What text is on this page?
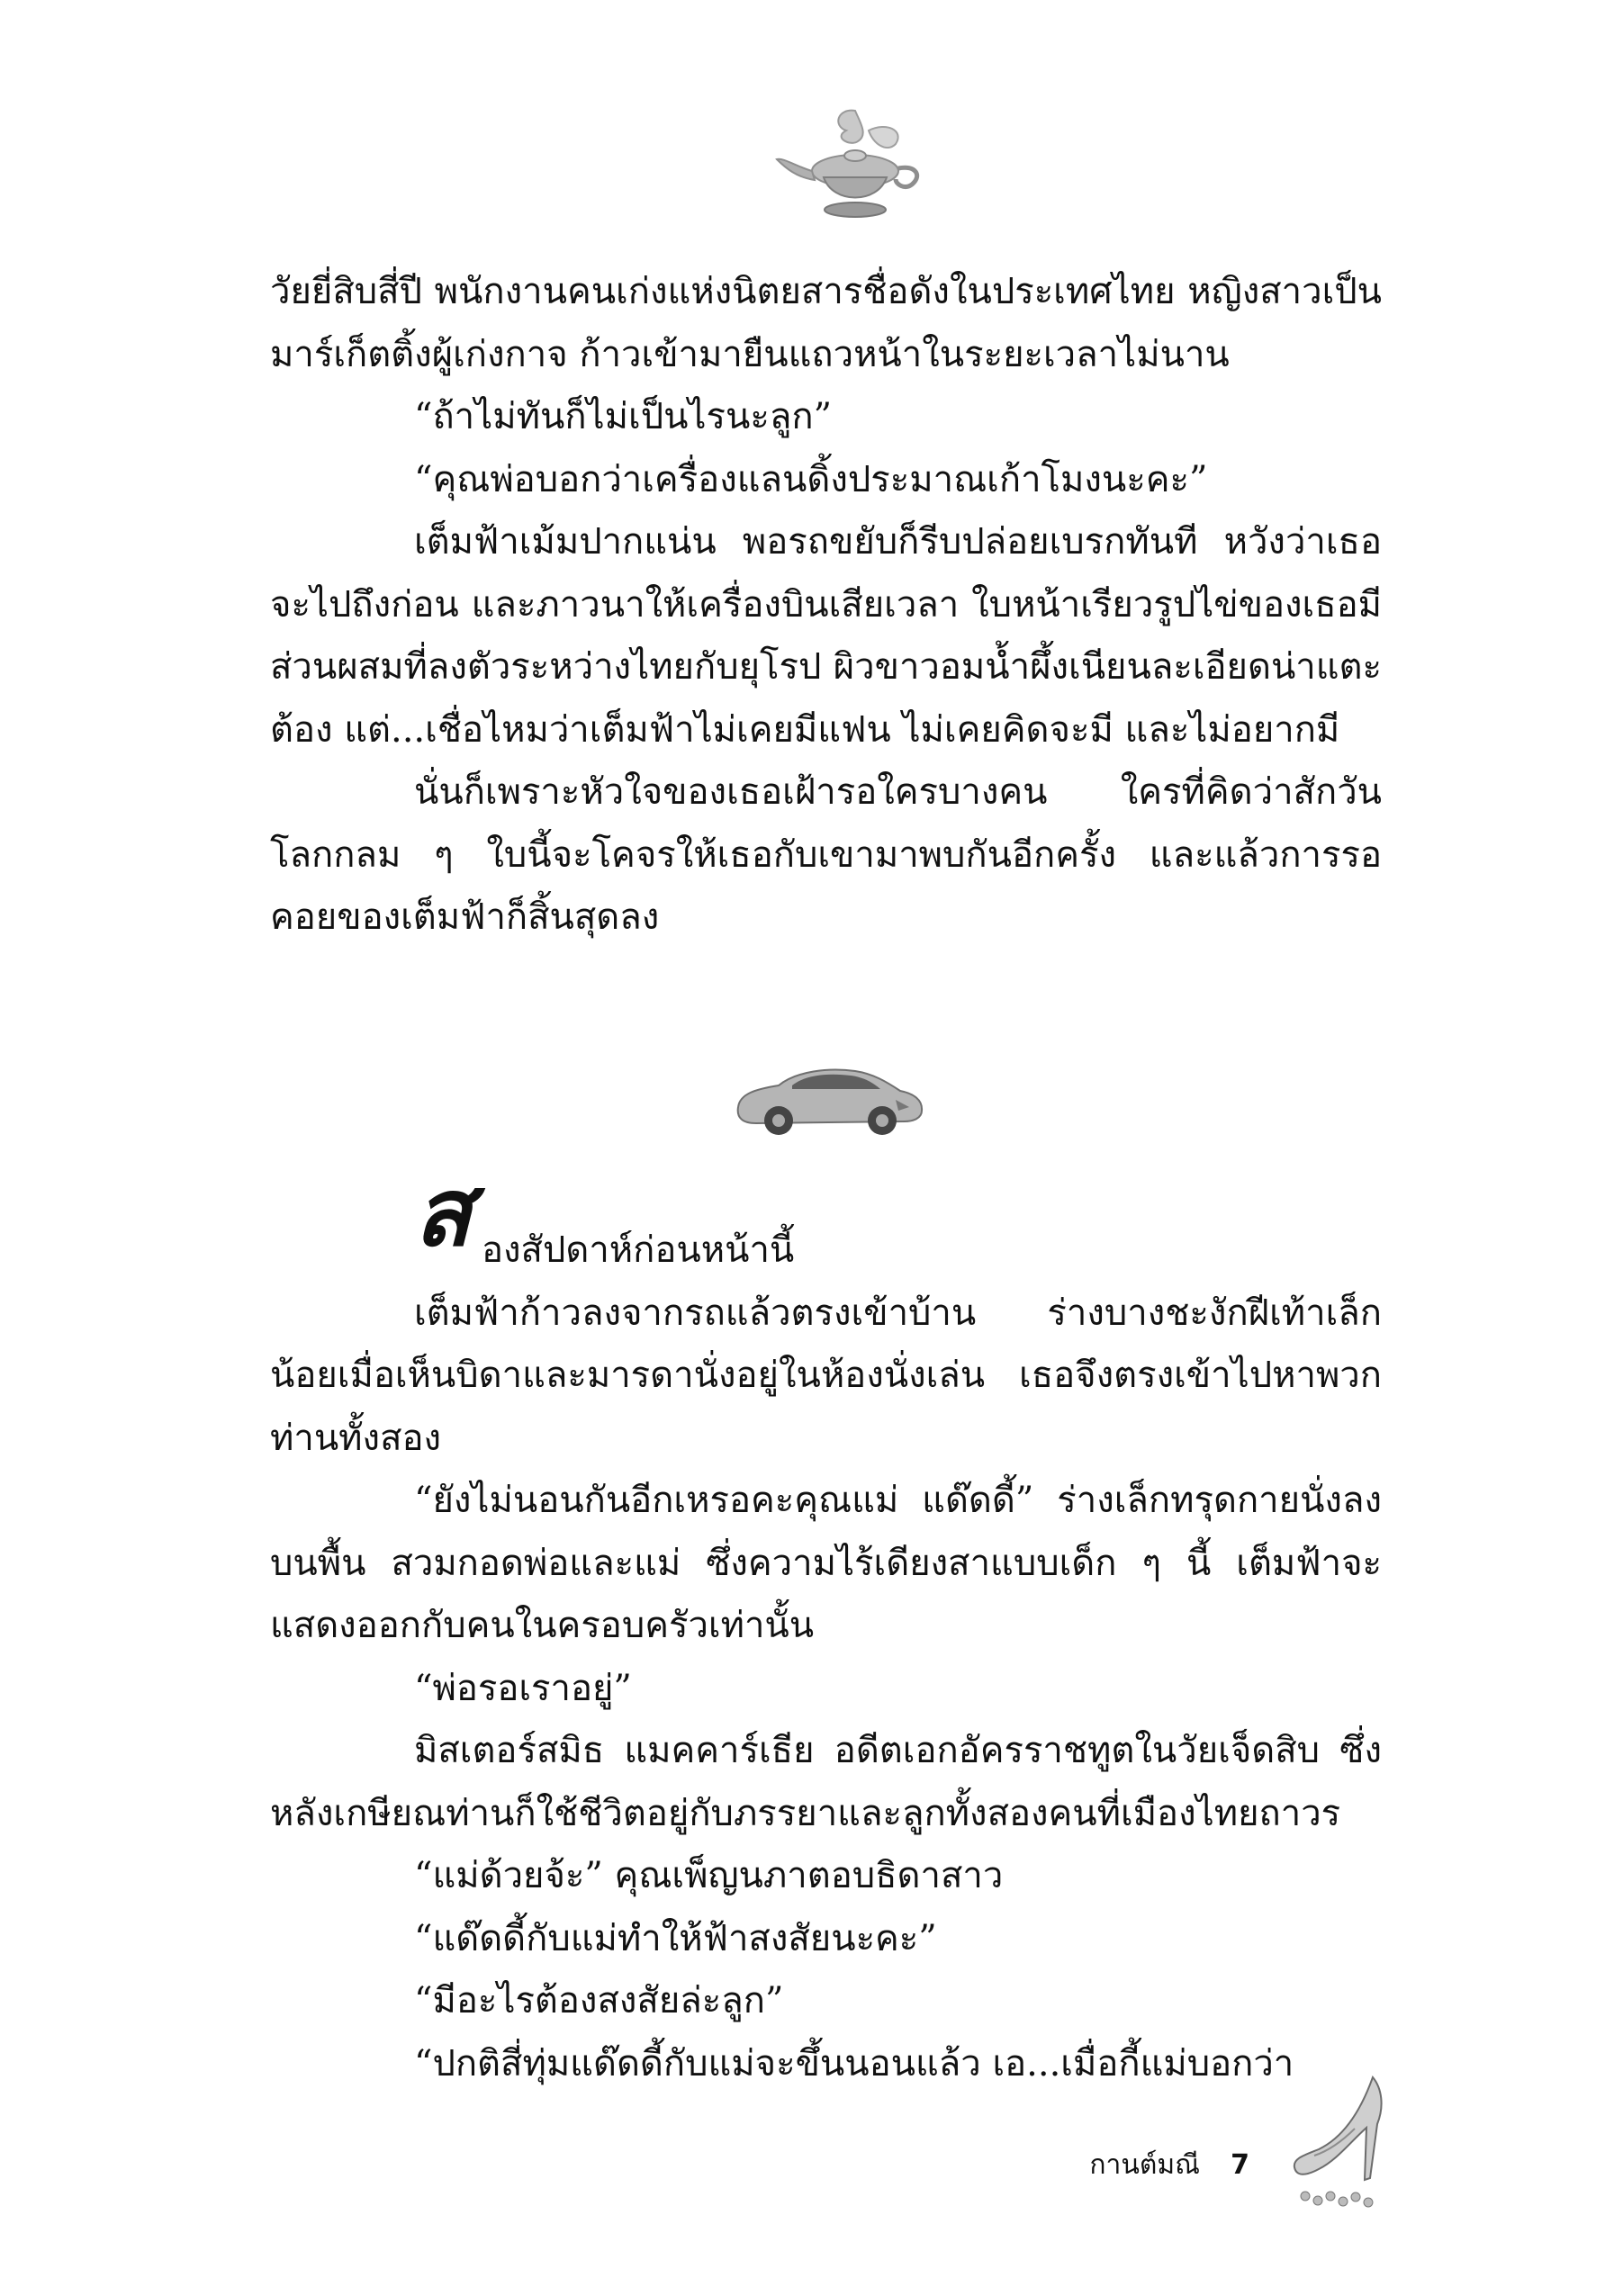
วัยยี่สิบสี่ปี พนักงานคนเก่งแห่งนิตยสารชื่อดังในประเทศไทย หญิงสาวเป็นมาร์เก็ตติ้งผู้เก่งกาจ ก้าวเข้ามายืนแถวหน้าในระยะเวลาไม่นาน
“ถ้าไม่ทันก็ไม่เป็นไรนะลูก”
“คุณพ่อบอกว่าเครื่องแลนดิ้งประมาณเก้าโมงนะคะ”
เต็มฟ้าเม้มปากแน่น พอรถขยับก็รีบปล่อยเบรกทันที หวังว่าเธอจะไปถึงก่อน และภาวนาให้เครื่องบินเสียเวลา ใบหน้าเรียวรูปไข่ของเธอมีส่วนผสมที่ลงตัวระหว่างไทยกับยุโรป ผิวขาวอมน้ำผึ้งเนียนละเอียดน่าแตะต้อง แต่...เชื่อไหมว่าเต็มฟ้าไม่เคยมีแฟน ไม่เคยคิดจะมี และไม่อยากมี
นั่นก็เพราะหัวใจของเธอเฝ้ารอใครบางคน ใครที่คิดว่าสักวันโลกกลม ๆ ใบนี้จะโคจรให้เธอกับเขามาพบกันอีกครั้ง และแล้วการรอคอยของเต็มฟ้าก็สิ้นสุดลง
ส องสัปดาห์ก่อนหน้านี้
เต็มฟ้าก้าวลงจากรถแล้วตรงเข้าบ้าน ร่างบางชะงักฝีเท้าเล็กน้อยเมื่อเห็นบิดาและมารดานั่งอยู่ในห้องนั่งเล่น เธอจึงตรงเข้าไปหาพวกท่านทั้งสอง
“ยังไม่นอนกันอีกเหรอคะคุณแม่ แด๊ดดี้” ร่างเล็กทรุดกายนั่งลงบนพื้น สวมกอดพ่อและแม่ ซึ่งความไร้เดียงสาแบบเด็ก ๆ นี้ เต็มฟ้าจะแสดงออกกับคนในครอบครัวเท่านั้น
“พ่อรอเราอยู่”
มิสเตอร์สมิธ แมคคาร์เธีย อดีตเอกอัครราชทูตในวัยเจ็ดสิบ ซึ่งหลังเกษียณท่านก็ใช้ชีวิตอยู่กับภรรยาและลูกทั้งสองคนที่เมืองไทยถาวร
“แม่ด้วยจ้ะ” คุณเพ็ญนภาตอบธิดาสาว
“แด๊ดดี้กับแม่ทำให้ฟ้าสงสัยนะคะ”
“มีอะไรต้องสงสัยล่ะลูก”
“ปกติสี่ทุ่มแด๊ดดี้กับแม่จะขึ้นนอนแล้ว เอ...เมื่อกี้แม่บอกว่า
กานต์มณี 7
